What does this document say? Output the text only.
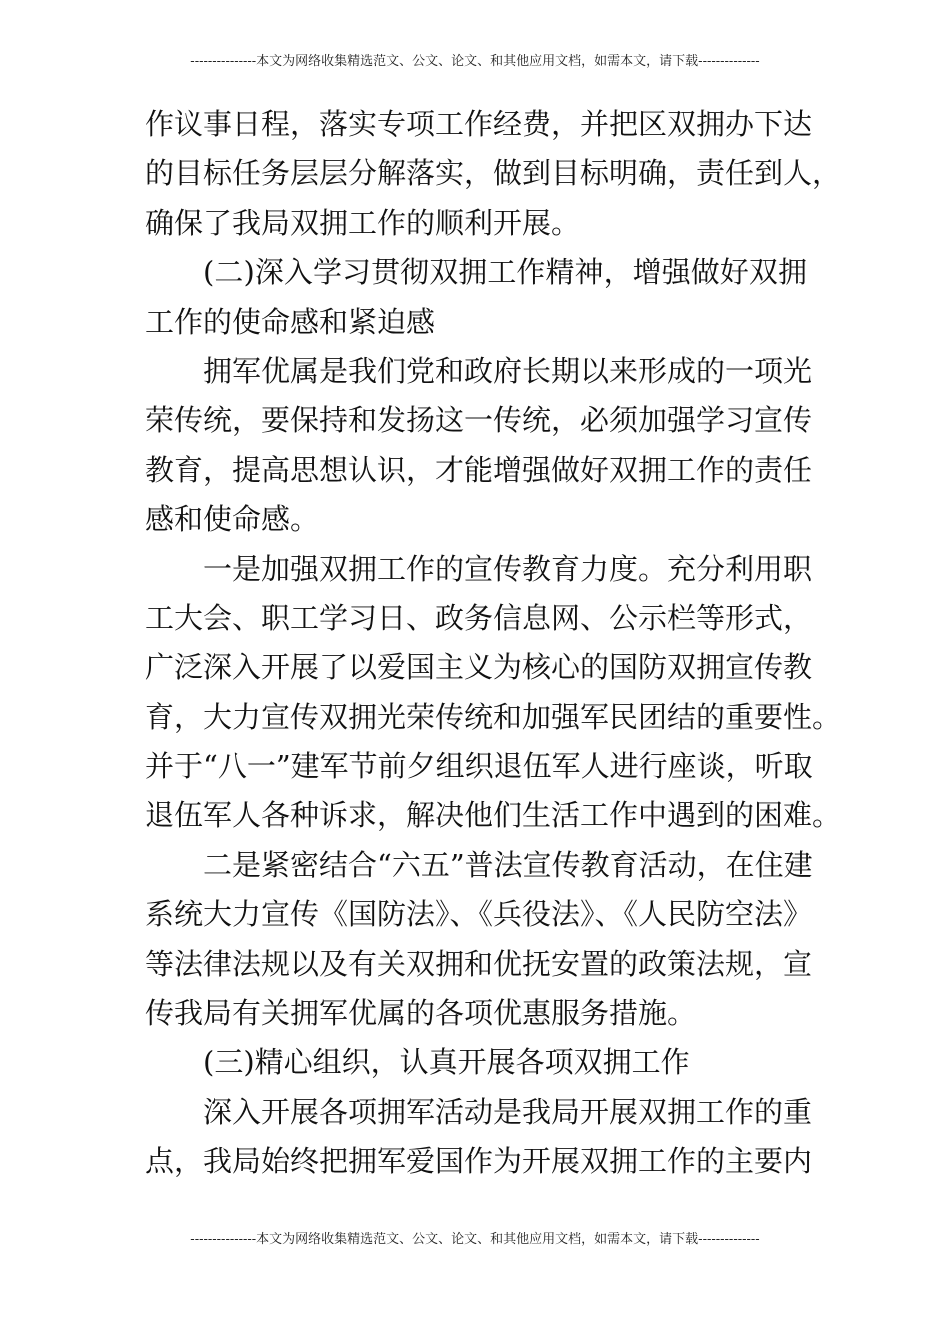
---------------本文为网络收集精选范文、公文、论文、和其他应用文档，如需本文，请下载--------------
作议事日程，落实专项工作经费，并把区双拥办下达
的目标任务层层分解落实，做到目标明确，责任到人，
确保了我局双拥工作的顺利开展。
(二)深入学习贯彻双拥工作精神，增强做好双拥
工作的使命感和紧迫感
拥军优属是我们党和政府长期以来形成的一项光
荣传统，要保持和发扬这一传统，必须加强学习宣传
教育，提高思想认识，才能增强做好双拥工作的责任
感和使命感。
一是加强双拥工作的宣传教育力度。充分利用职
工大会、职工学习日、政务信息网、公示栏等形式，
广泛深入开展了以爱国主义为核心的国防双拥宣传教
育，大力宣传双拥光荣传统和加强军民团结的重要性。
并于“八一”建军节前夕组织退伍军人进行座谈，听取
退伍军人各种诉求，解决他们生活工作中遇到的困难。
二是紧密结合“六五”普法宣传教育活动，在住建
系统大力宣传《国防法》、《兵役法》、《人民防空法》
等法律法规以及有关双拥和优抚安置的政策法规，宣
传我局有关拥军优属的各项优惠服务措施。
(三)精心组织，认真开展各项双拥工作
深入开展各项拥军活动是我局开展双拥工作的重
点，我局始终把拥军爱国作为开展双拥工作的主要内
---------------本文为网络收集精选范文、公文、论文、和其他应用文档，如需本文，请下载--------------
